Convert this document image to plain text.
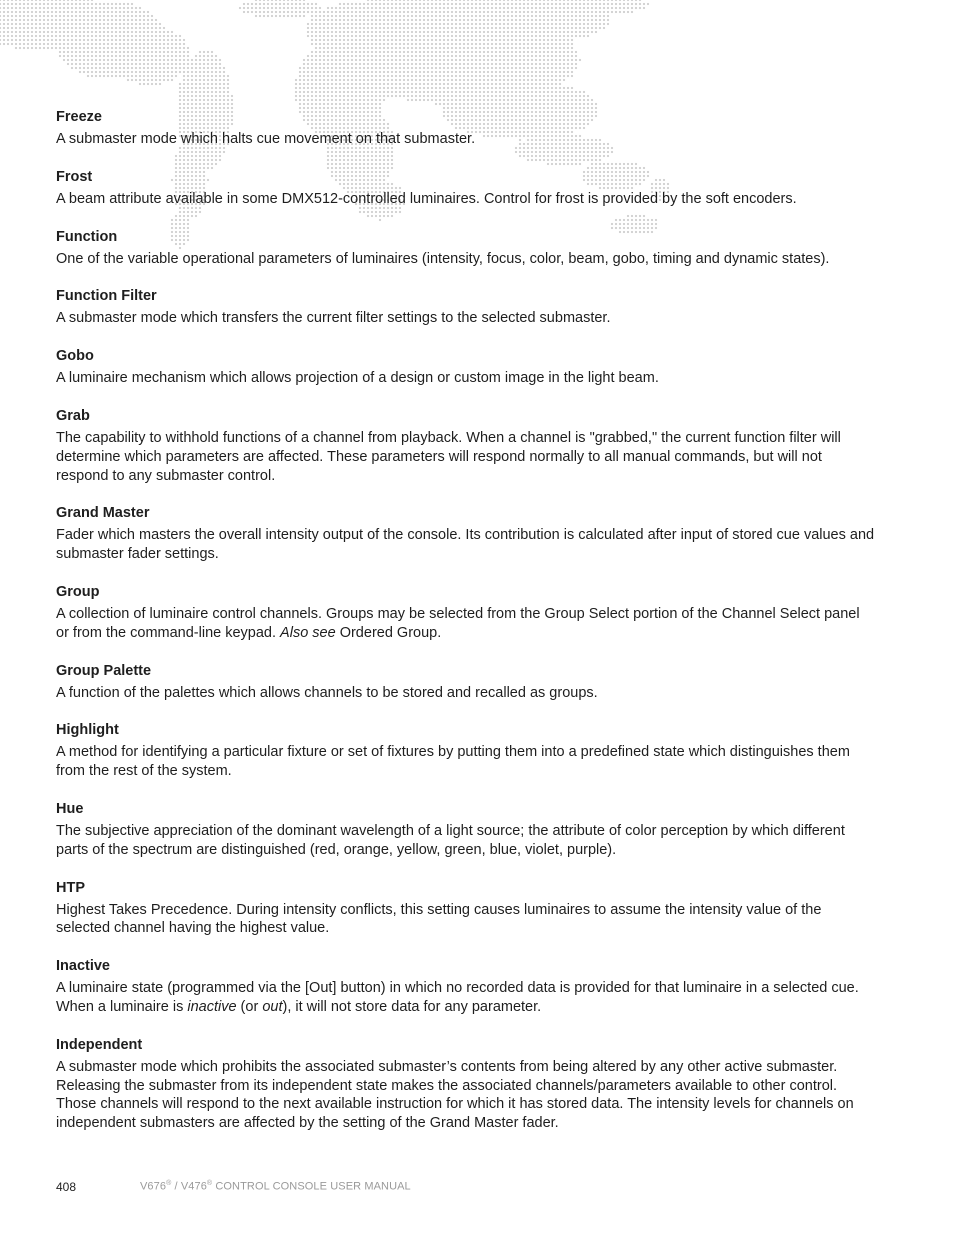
Freeze

A submaster mode which halts cue movement on that submaster.

Frost

A beam attribute available in some DMX512-controlled luminaires. Control for frost is provided by the soft encoders.

Function

One of the variable operational parameters of luminaires (intensity, focus, color, beam, gobo, timing and dynamic states).

Function Filter

A submaster mode which transfers the current filter settings to the selected submaster.

Gobo

A luminaire mechanism which allows projection of a design or custom image in the light beam.

Grab

The capability to withhold functions of a channel from playback. When a channel is "grabbed," the current function filter will determine which parameters are affected. These parameters will respond normally to all manual commands, but will not respond to any submaster control.

Grand Master

Fader which masters the overall intensity output of the console. Its contribution is calculated after input of stored cue values and submaster fader settings.

Group

A collection of luminaire control channels. Groups may be selected from the Group Select portion of the Channel Select panel or from the command-line keypad. Also see Ordered Group.

Group Palette

A function of the palettes which allows channels to be stored and recalled as groups.

Highlight

A method for identifying a particular fixture or set of fixtures by putting them into a predefined state which distinguishes them from the rest of the system.

Hue

The subjective appreciation of the dominant wavelength of a light source; the attribute of color perception by which different parts of the spectrum are distinguished (red, orange, yellow, green, blue, violet, purple).

HTP

Highest Takes Precedence. During intensity conflicts, this setting causes luminaires to assume the intensity value of the selected channel having the highest value.

Inactive

A luminaire state (programmed via the [Out] button) in which no recorded data is provided for that luminaire in a selected cue. When a luminaire is inactive (or out), it will not store data for any parameter.

Independent

A submaster mode which prohibits the associated submaster’s contents from being altered by any other active submaster. Releasing the submaster from its independent state makes the associated channels/parameters available to other control. Those channels will respond to the next available instruction for which it has stored data. The intensity levels for channels on independent submasters are affected by the setting of the Grand Master fader.

408	V676® / V476® CONTROL CONSOLE USER MANUAL
